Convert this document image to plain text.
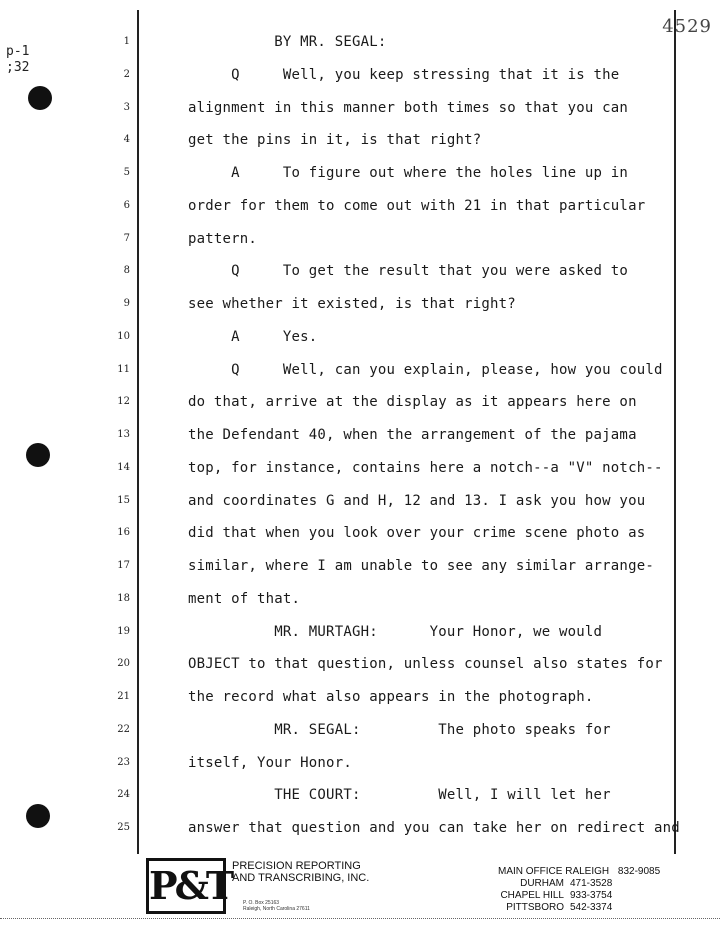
p-1
;32
4529
1	BY MR. SEGAL:
2	Q     Well, you keep stressing that it is the
3	alignment in this manner both times so that you can
4	get the pins in it, is that right?
5	A     To figure out where the holes line up in
6	order for them to come out with 21 in that particular
7	pattern.
8	Q     To get the result that you were asked to
9	see whether it existed, is that right?
10	A     Yes.
11	Q     Well, can you explain, please, how you could
12	do that, arrive at the display as it appears here on
13	the Defendant 40, when the arrangement of the pajama
14	top, for instance, contains here a notch--a "V" notch--
15	and coordinates G and H, 12 and 13. I ask you how you
16	did that when you look over your crime scene photo as
17	similar, where I am unable to see any similar arrange-
18	ment of that.
19	MR. MURTAGH:      Your Honor, we would
20	OBJECT to that question, unless counsel also states for
21	the record what also appears in the photograph.
22	MR. SEGAL:         The photo speaks for
23	itself, Your Honor.
24	THE COURT:         Well, I will let her
25	answer that question and you can take her on redirect and
P&T PRECISION REPORTING
AND TRANSCRIBING, INC.
P. O. Box 25163
Raleigh, North Carolina 27611
MAIN OFFICE RALEIGH 832-9085
DURHAM 471-3528
CHAPEL HILL 933-3754
PITTSBORO 542-3374
